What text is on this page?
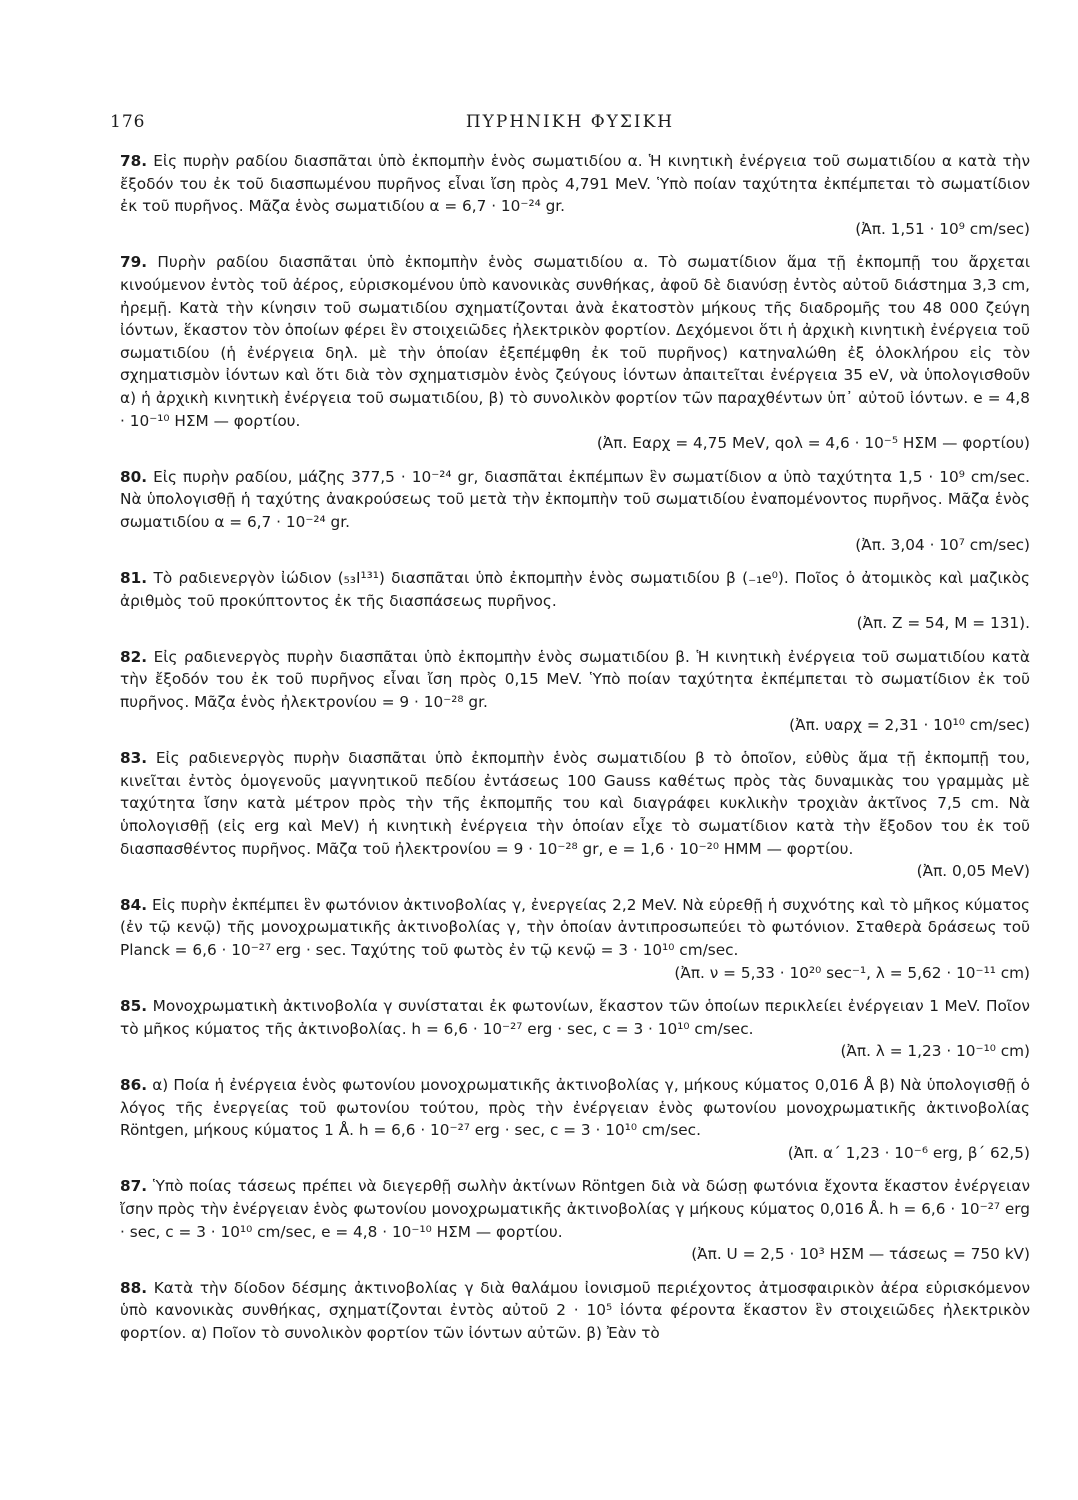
176	ΠΥΡΗΝΙΚΗ ΦΥΣΙΚΗ
78. Εἰς πυρὴν ραδίου διασπᾶται ὑπὸ ἐκπομπὴν ἑνὸς σωματιδίου α. Ἡ κινητικὴ ἐνέργεια τοῦ σωματιδίου α κατὰ τὴν ἔξοδόν του ἐκ τοῦ διασπωμένου πυρῆνος εἶναι ἴση πρὸς 4,791 MeV. Ὑπὸ ποίαν ταχύτητα ἐκπέμπεται τὸ σωματίδιον ἐκ τοῦ πυρῆνος. Μᾶζα ἑνὸς σωματιδίου α = 6,7 · 10⁻²⁴ gr.
(Ἀπ. 1,51 · 10⁹ cm/sec)
79. Πυρὴν ραδίου διασπᾶται ὑπὸ ἐκπομπὴν ἑνὸς σωματιδίου α. Τὸ σωματίδιον ἅμα τῇ ἐκπομπῇ του ἄρχεται κινούμενον ἐντὸς τοῦ ἀέρος, εὑρισκομένου ὑπὸ κανονικὰς συνθήκας, ἀφοῦ δὲ διανύσῃ ἐντὸς αὐτοῦ διάστημα 3,3 cm, ἠρεμῇ. Κατὰ τὴν κίνησιν τοῦ σωματιδίου σχηματίζονται ἀνὰ ἑκατοστὸν μήκους τῆς διαδρομῆς του 48 000 ζεύγη ἰόντων, ἕκαστον τὸν ὁποίων φέρει ἓν στοιχειῶδες ἠλεκτρικὸν φορτίον. Δεχόμενοι ὅτι ἡ ἀρχικὴ κινητικὴ ἐνέργεια τοῦ σωματιδίου (ἡ ἐνέργεια δηλ. μὲ τὴν ὁποίαν ἐξεπέμφθη ἐκ τοῦ πυρῆνος) κατηναλώθη ἐξ ὁλοκλήρου εἰς τὸν σχηματισμὸν ἰόντων καὶ ὅτι διὰ τὸν σχηματισμὸν ἑνὸς ζεύγους ἰόντων ἀπαιτεῖται ἐνέργεια 35 eV, νὰ ὑπολογισθοῦν α) ἡ ἀρχικὴ κινητικὴ ἐνέργεια τοῦ σωματιδίου, β) τὸ συνολικὸν φορτίον τῶν παραχθέντων ὑπ᾽ αὐτοῦ ἰόντων. e = 4,8 · 10⁻¹⁰ ΗΣΜ — φορτίου.
(Ἀπ. Eαρχ = 4,75 MeV, qολ = 4,6 · 10⁻⁵ ΗΣΜ — φορτίου)
80. Εἰς πυρὴν ραδίου, μάζης 377,5 · 10⁻²⁴ gr, διασπᾶται ἐκπέμπων ἓν σωματίδιον α ὑπὸ ταχύτητα 1,5 · 10⁹ cm/sec. Νὰ ὑπολογισθῇ ἡ ταχύτης ἀνακρούσεως τοῦ μετὰ τὴν ἐκπομπὴν τοῦ σωματιδίου ἐναπομένοντος πυρῆνος. Μᾶζα ἑνὸς σωματιδίου α = 6,7 · 10⁻²⁴ gr.
(Ἀπ. 3,04 · 10⁷ cm/sec)
81. Τὸ ραδιενεργὸν ἰώδιον (₅₃I¹³¹) διασπᾶται ὑπὸ ἐκπομπὴν ἑνὸς σωματιδίου β (₋₁e⁰). Ποῖος ὁ ἀτομικὸς καὶ μαζικὸς ἀριθμὸς τοῦ προκύπτοντος ἐκ τῆς διασπάσεως πυρῆνος.
(Ἀπ. Z = 54, M = 131).
82. Εἰς ραδιενεργὸς πυρὴν διασπᾶται ὑπὸ ἐκπομπὴν ἑνὸς σωματιδίου β. Ἡ κινητικὴ ἐνέργεια τοῦ σωματιδίου κατὰ τὴν ἔξοδόν του ἐκ τοῦ πυρῆνος εἶναι ἴση πρὸς 0,15 MeV. Ὑπὸ ποίαν ταχύτητα ἐκπέμπεται τὸ σωματίδιον ἐκ τοῦ πυρῆνος. Μᾶζα ἑνὸς ἠλεκτρονίου = 9 · 10⁻²⁸ gr.
(Ἀπ. υαρχ = 2,31 · 10¹⁰ cm/sec)
83. Εἰς ραδιενεργὸς πυρὴν διασπᾶται ὑπὸ ἐκπομπὴν ἑνὸς σωματιδίου β τὸ ὁποῖον, εὐθὺς ἅμα τῇ ἐκπομπῇ του, κινεῖται ἐντὸς ὁμογενοῦς μαγνητικοῦ πεδίου ἐντάσεως 100 Gauss καθέτως πρὸς τὰς δυναμικὰς του γραμμὰς μὲ ταχύτητα ἴσην κατὰ μέτρον πρὸς τὴν τῆς ἐκπομπῆς του καὶ διαγράφει κυκλικὴν τροχιὰν ἀκτῖνος 7,5 cm. Νὰ ὑπολογισθῇ (εἰς erg καὶ MeV) ἡ κινητικὴ ἐνέργεια τὴν ὁποίαν εἶχε τὸ σωματίδιον κατὰ τὴν ἔξοδον του ἐκ τοῦ διασπασθέντος πυρῆνος. Μᾶζα τοῦ ἠλεκτρονίου = 9 · 10⁻²⁸ gr, e = 1,6 · 10⁻²⁰ ΗΜΜ — φορτίου.
(Ἀπ. 0,05 MeV)
84. Εἰς πυρὴν ἐκπέμπει ἓν φωτόνιον ἀκτινοβολίας γ, ἐνεργείας 2,2 MeV. Νὰ εὑρεθῇ ἡ συχνότης καὶ τὸ μῆκος κύματος (ἐν τῷ κενῷ) τῆς μονοχρωματικῆς ἀκτινοβολίας γ, τὴν ὁποίαν ἀντιπροσωπεύει τὸ φωτόνιον. Σταθερὰ δράσεως τοῦ Planck = 6,6 · 10⁻²⁷ erg · sec. Ταχύτης τοῦ φωτὸς ἐν τῷ κενῷ = 3 · 10¹⁰ cm/sec.
(Ἀπ. ν = 5,33 · 10²⁰ sec⁻¹, λ = 5,62 · 10⁻¹¹ cm)
85. Μονοχρωματικὴ ἀκτινοβολία γ συνίσταται ἐκ φωτονίων, ἕκαστον τῶν ὁποίων περικλείει ἐνέργειαν 1 MeV. Ποῖον τὸ μῆκος κύματος τῆς ἀκτινοβολίας. h = 6,6 · 10⁻²⁷ erg · sec, c = 3 · 10¹⁰ cm/sec.
(Ἀπ. λ = 1,23 · 10⁻¹⁰ cm)
86. α) Ποία ἡ ἐνέργεια ἑνὸς φωτονίου μονοχρωματικῆς ἀκτινοβολίας γ, μήκους κύματος 0,016 Å β) Νὰ ὑπολογισθῇ ὁ λόγος τῆς ἐνεργείας τοῦ φωτονίου τούτου, πρὸς τὴν ἐνέργειαν ἑνὸς φωτονίου μονοχρωματικῆς ἀκτινοβολίας Röntgen, μήκους κύματος 1 Å. h = 6,6 · 10⁻²⁷ erg · sec, c = 3 · 10¹⁰ cm/sec.
(Ἀπ. α΄ 1,23 · 10⁻⁶ erg, β΄ 62,5)
87. Ὑπὸ ποίας τάσεως πρέπει νὰ διεγερθῇ σωλὴν ἀκτίνων Röntgen διὰ νὰ δώσῃ φωτόνια ἔχοντα ἕκαστον ἐνέργειαν ἴσην πρὸς τὴν ἐνέργειαν ἑνὸς φωτονίου μονοχρωματικῆς ἀκτινοβολίας γ μήκους κύματος 0,016 Å. h = 6,6 · 10⁻²⁷ erg · sec, c = 3 · 10¹⁰ cm/sec, e = 4,8 · 10⁻¹⁰ ΗΣΜ — φορτίου.
(Ἀπ. U = 2,5 · 10³ ΗΣΜ — τάσεως = 750 kV)
88. Κατὰ τὴν δίοδον δέσμης ἀκτινοβολίας γ διὰ θαλάμου ἰονισμοῦ περιέχοντος ἀτμοσφαιρικὸν ἀέρα εὑρισκόμενον ὑπὸ κανονικὰς συνθήκας, σχηματίζονται ἐντὸς αὐτοῦ 2 · 10⁵ ἰόντα φέροντα ἕκαστον ἓν στοιχειῶδες ἠλεκτρικὸν φορτίον. α) Ποῖον τὸ συνολικὸν φορτίον τῶν ἰόντων αὐτῶν. β) Ἐὰν τὸ
